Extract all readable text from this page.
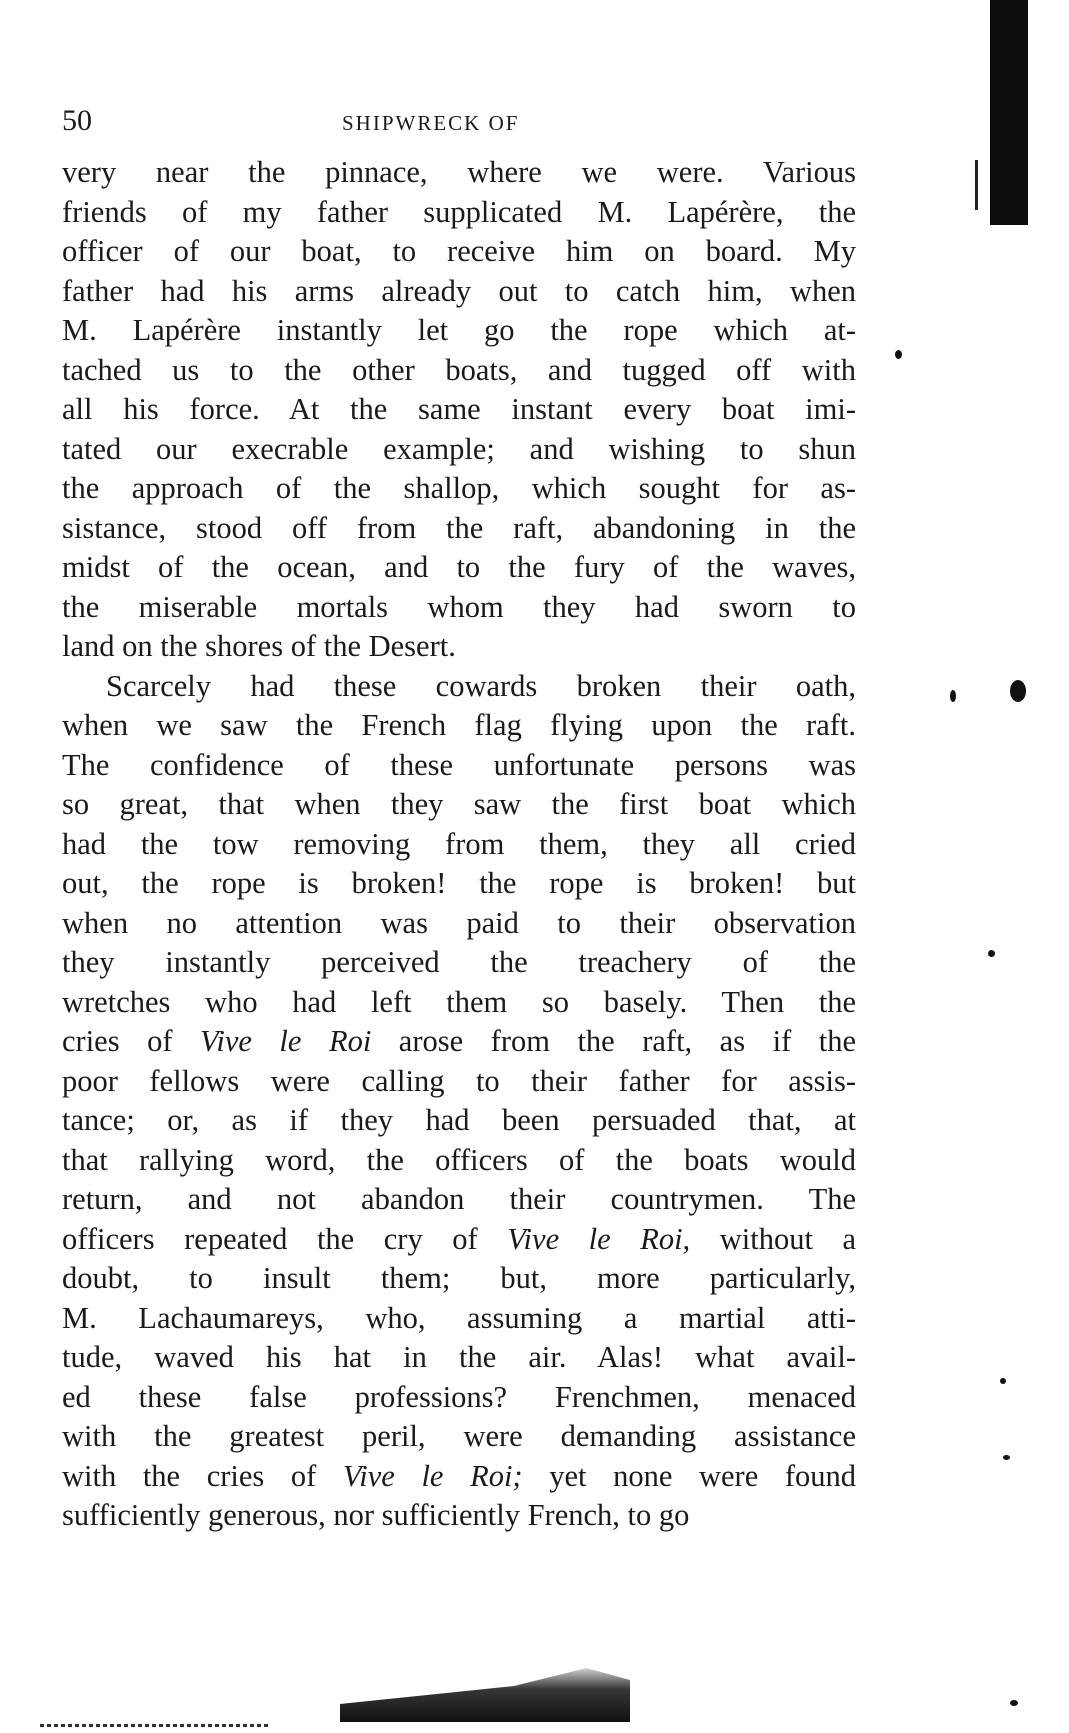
50	SHIPWRECK OF

very near the pinnace, where we were. Various
friends of my father supplicated M. Lapérère, the
officer of our boat, to receive him on board. My
father had his arms already out to catch him, when
M. Lapérère instantly let go the rope which at-
tached us to the other boats, and tugged off with
all his force. At the same instant every boat imi-
tated our execrable example; and wishing to shun
the approach of the shallop, which sought for as-
sistance, stood off from the raft, abandoning in the
midst of the ocean, and to the fury of the waves,
the miserable mortals whom they had sworn to
land on the shores of the Desert.

Scarcely had these cowards broken their oath,
when we saw the French flag flying upon the raft.
The confidence of these unfortunate persons was
so great, that when they saw the first boat which
had the tow removing from them, they all cried
out, the rope is broken! the rope is broken! but
when no attention was paid to their observation
they instantly perceived the treachery of the
wretches who had left them so basely. Then the
cries of Vive le Roi arose from the raft, as if the
poor fellows were calling to their father for assis-
tance; or, as if they had been persuaded that, at
that rallying word, the officers of the boats would
return, and not abandon their countrymen. The
officers repeated the cry of Vive le Roi, without a
doubt, to insult them; but, more particularly,
M. Lachaumareys, who, assuming a martial atti-
tude, waved his hat in the air. Alas! what avail-
ed these false professions? Frenchmen, menaced
with the greatest peril, were demanding assistance
with the cries of Vive le Roi; yet none were found
sufficiently generous, nor sufficiently French, to go
